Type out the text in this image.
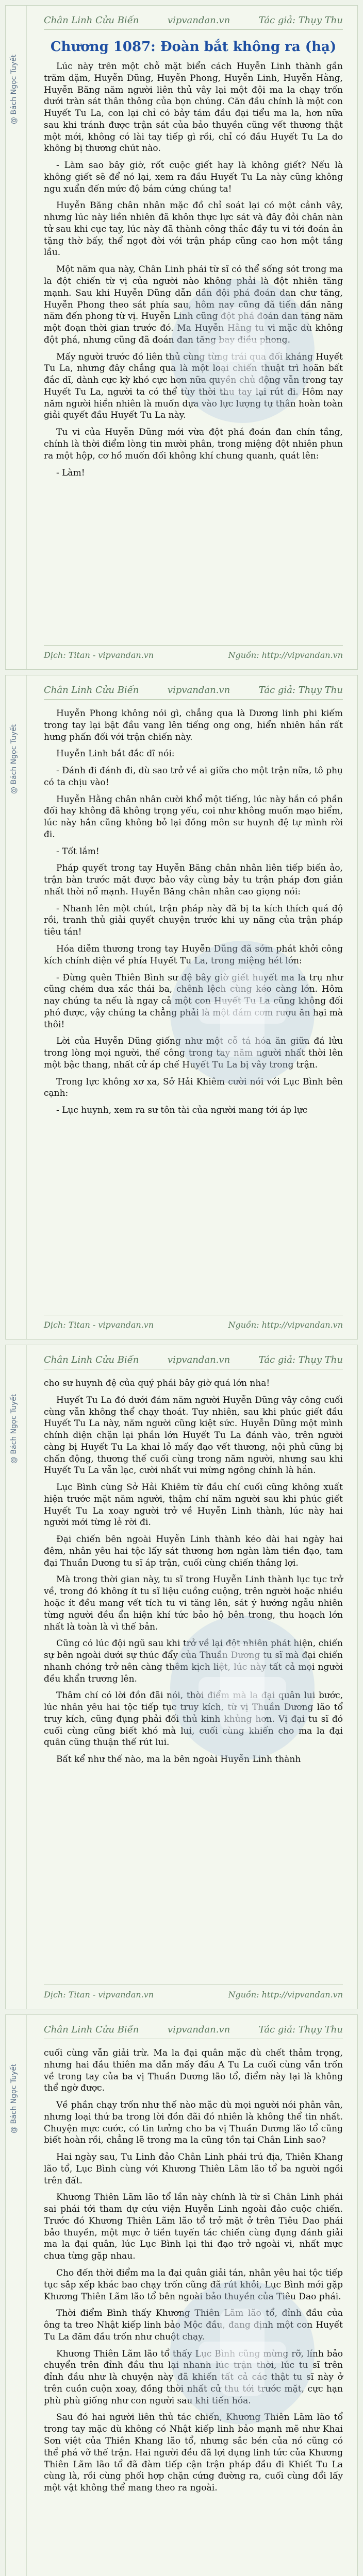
@ Bách Ngọc Tuyết
Chân Linh Cửu Biến	vipvandan.vn	Tác giả: Thụy Thu
Chương 1087: Đoàn bắt không ra (hạ)

Lúc này trên một chỗ mặt biển cách Huyễn Linh thành gần trăm dặm, Huyễn Dũng, Huyễn Phong, Huyễn Linh, Huyễn Hằng, Huyễn Băng năm người liên thủ vây lại một đội ma la chạy trốn dưới tràn sát thân thông của bọn chúng. Căn đầu chính là một con Huyết Tu La, con lại chỉ có bảy tám đầu đại tiểu ma la, hơn nữa sau khi tránh được trận sát của bảo thuyền cũng vết thương thật một mới, không có lài tay tiếp gì rồi, chỉ có đầu Huyết Tu La do không bị thương chút nào.

- Làm sao bây giờ, rốt cuộc giết hay là không giết? Nếu là không giết sẽ để nó lại, xem ra đầu Huyết Tu La này cũng không ngu xuẩn đến mức độ bám cứng chúng ta!

Huyễn Băng chân nhân mặc đồ chỉ soát lại có một cảnh vây, nhưng lúc này liền nhiên đã khôn thực lực sát và đây đỏi chân nàn tử sau khi cục tay, lúc này đã thành công thắc đầy tu vi tới đoán ản tặng thờ bấy, thể ngọt đời với trận pháp cũng cao hơn một tầng lầu.

Một năm qua này, Chân Linh phái từ sĩ có thể sống sót trong ma la đột chiến từ vị của người nào không phải là đột nhiên tăng mạnh. Sau khi Huyễn Dũng dẫn dắn đội phá đoán dan chư tăng, Huyễn Phong theo sát phía sau, hôm nay cũng đã tiến dần năng năm đến phong từ vị. Huyễn Linh cũng đột phá đoán dan tăng năm một đoạn thời gian trước đó. Ma Huyễn Hằng tu vi mặc dù không đột phá, nhưng cũng đã đoán đan tăng bay điều phong.

Mấy người trước đó liên thủ cùng từng trái qua đối kháng Huyết Tu La, nhưng đây chẳng qua là một loại chiến thuật trì hoãn bất đắc dĩ, dành cực kỳ khó cực hơn nữa quyền chủ động vẫn trong tay Huyết Tu La, người ta có thể tùy thời thu tay lại rút đi. Hôm nay năm người hiển nhiên là muốn dựa vào lực lượng tự thân hoàn toàn giải quyết đầu Huyết Tu La này.

Tu vi của Huyễn Dũng mới vừa đột phá đoán đan chín tầng, chính là thời điểm lòng tin mười phân, trong miệng đột nhiên phun ra một hộp, cơ hồ muốn đối không khí chung quanh, quát lên:

- Làm!

Dịch: Titan - vipvandan.vn	Nguồn: http://vipvandan.vn
@ Bách Ngọc Tuyết
Chân Linh Cửu Biến	vipvandan.vn	Tác giả: Thụy Thu

Huyễn Phong không nói gì, chẳng qua là Dương linh phi kiếm trong tay lại bật đầu vang lên tiếng ong ong, hiển nhiên hắn rất hưng phấn đối với trận chiến này.

Huyễn Linh bắt đắc dĩ nói:

- Đánh đi đánh đi, dù sao trở về ai giữa cho một trận nữa, tô phụ có ta chịu vào!

Huyễn Hằng chân nhân cười khổ một tiếng, lúc này hắn có phần đối hay không đã không trọng yếu, coi như không muốn mạo hiểm, lúc này hắn cũng không bỏ lại đồng môn sư huynh đệ tự mình rời đi.

- Tốt lắm!

Pháp quyết trong tay Huyễn Băng chân nhân liên tiếp biến ảo, trận bàn trước mặt được bảo vây cùng bảy tu trận pháp đơn giản nhất thời nổ mạnh. Huyễn Băng chân nhân cao giọng nói:

- Nhanh lên một chút, trận pháp này đã bị ta kích thích quá độ rồi, tranh thủ giải quyết chuyện trước khi uy năng của trận pháp tiêu tán!

Hóa diễm thương trong tay Huyễn Dũng đã sớm phát khởi công kích chính diện về phía Huyết Tu La, trong miệng hét lớn:

- Đừng quên Thiên Bình sư đệ bây giờ giết huyết ma la trụ như cũng chém dưa xắc thái ba, chênh lệch cùng kéo càng lớn. Hôm nay chúng ta nếu là ngay cả một con Huyết Tu La cũng không đối phó được, vậy chúng ta chẳng phải là một đám cơm rượu ăn hại mà thôi!

Lời của Huyễn Dũng giống như một cỗ tá hóa ăn giữa đá lửu trong lòng mọi người, thế công trong tay năm người nhất thời lên một bậc thang, nhất cử áp chế Huyết Tu La bị vây trong trận.

Trong lực không xơ xa, Sở Hải Khiêm cười nói với Lục Bình bên cạnh:

- Lục huynh, xem ra sư tôn tài của người mang tới áp lực

Dịch: Titan - vipvandan.vn	Nguồn: http://vipvandan.vn
@ Bách Ngọc Tuyết
Chân Linh Cửu Biến	vipvandan.vn	Tác giả: Thụy Thu

cho sư huynh đệ của quý phái bây giờ quá lớn nha!

Huyết Tu La đó dưới đám năm người Huyễn Dũng vây công cuối cùng vẫn không thể chạy thoát. Tuy nhiên, sau khi phúc giết đầu Huyết Tu La này, năm người cũng kiệt sức. Huyễn Dũng một mình chính diện chặn lại phần lớn Huyết Tu La đánh vào, trên người càng bị Huyết Tu La khai lỏ mấy đạo vết thương, nội phủ cũng bị chấn động, thương thế cuối cùng trong năm người, nhưng sau khi Huyết Tu La vẫn lạc, cười nhất vui mừng ngông chính là hắn.

Lục Bình cùng Sở Hải Khiêm từ đầu chí cuối cũng không xuất hiện trước mặt năm người, thậm chí năm người sau khi phúc giết Huyết Tu La xoay người trở về Huyễn Linh thành, lúc này hai người mới từng lẻ rời đi.

Đại chiến bên ngoài Huyễn Linh thành kéo dài hai ngày hai đêm, nhân yêu hai tộc lấy sát thương hơn ngàn làm tiền đạo, tam đại Thuần Dương tu sĩ áp trận, cuối cùng chiến thắng lợi.

Mà trong thời gian này, tu sĩ trong Huyễn Linh thành lục tục trở về, trong đó không ít tu sĩ liệu cuồng cuộng, trên người hoặc nhiều hoặc ít đều mang vết tích tu vi tăng lên, sát ý hướng ngẫu nhiên từng người đều ẩn hiện khí tức bảo hộ bên trong, thu hoạch lớn nhất là toàn là vì thế bản.

Cũng có lúc đội ngũ sau khi trở về lại đột nhiên phát hiện, chiến sự bên ngoài dưới sự thúc đẩy của Thuần Dương tu sĩ mà đại chiến nhanh chóng trở nên càng thêm kịch liệt, lúc này tất cả mọi người đều khẩn trương lên.

Thâm chí có lời đồn đãi nói, thời điểm mà la đại quân lui bước, lúc nhân yêu hai tộc tiếp tục truy kích, từ vị Thuần Dương lão tổ truy kích, cũng đụng phải đối thủ kinh khủng hơn. Vị đại tu sĩ đó cuối cùng cũng biết khó mà lui, cuối cùng khiến cho ma la đại quân cũng thuận thế rút lui.

Bất kể như thế nào, ma la bên ngoài Huyễn Linh thành

Dịch: Titan - vipvandan.vn	Nguồn: http://vipvandan.vn
@ Bách Ngọc Tuyết
Chân Linh Cửu Biến	vipvandan.vn	Tác giả: Thụy Thu

cuối cùng vẫn giải trừ. Ma la đại quân mặc dù chết thảm trọng, nhưng hai đầu thiên ma dẫn mấy đầu A Tu La cuối cùng vẫn trốn về trong tay của ba vị Thuần Dương lão tổ, điểm này lại là không thể ngờ được.

Về phần chạy trốn như thế nào mặc dù mọi người nói phân vân, nhưng loại thứ ba trong lời đồn đãi đó nhiên là không thể tin nhất. Chuyện mực cước, có tin tưởng cho ba vị Thuần Dương lão tổ cũng biết hoàn rồi, chẳng lẽ trong ma la cũng tồn tại Chân Linh sao?

Hai ngày sau, Tu Linh đảo Chân Linh phái trú địa, Thiên Khang lão tổ, Lục Bình cùng với Khương Thiên Lãm lão tổ ba người ngồi trên đất.

Khương Thiên Lãm lão tổ lần này chính là từ sĩ Chân Linh phái sai phái tới tham dự cứu viện Huyễn Linh ngoài đảo cuộc chiến. Trước đó Khương Thiên Lãm lão tổ trở mặt ở trên Tiêu Dao phái bảo thuyền, một mực ở tiền tuyến tác chiến cùng đụng đánh giải ma la đại quân, lúc Lục Bình lại thi đạo trở ngoài vi, nhất mực chưa từng gặp nhau.

Cho đến thời điểm ma la đại quân giải tán, nhân yêu hai tộc tiếp tục sắp xếp khác bao chạy trốn cũng đã rút khỏi, Lục Bình mới gặp Khương Thiên Lãm lão tổ bên ngoài bảo thuyền của Tiêu Dao phái.

Thời điểm Bình thấy Khương Thiên Lãm lão tổ, đỉnh đầu của ông ta treo Nhật kiếp linh bảo Mộc đầu, đang định một con Huyết Tu La đăm đầu trốn như chuột chạy.

Khương Thiên Lãm lão tổ thấy Lục Bình cũng mừng rỡ, lính bảo chuyển trên đỉnh đầu thu lại nhanh lúc trận thời, lúc tu sĩ trên đỉnh đầu như là chuyện này đã khiến tất cả các thật tu sĩ này ở trên cuồn cuộn xoay, đồng thời nhất cử thu tới trước mặt, cực hạn phù phù giống như con người sau khi tiến hóa.

Sau đó hai người liên thủ tác chiến, Khương Thiên Lãm lão tổ trong tay mặc dù không có Nhật kiếp linh bảo mạnh mẽ như Khai Sơn việt của Thiên Khang lão tổ, nhưng sắc bén của nó cũng có thể phá vỡ thế trận. Hai người đều đã lợi dụng linh tức của Khương Thiên Lãm lão tổ đã đàm tiếp cận trận pháp đầu đi Khiết Tu La cùng là, rồi cùng phối hợp chặn cứng đường ra, cuối cùng đổi lấy một vật không thể mang theo ra ngoài.
